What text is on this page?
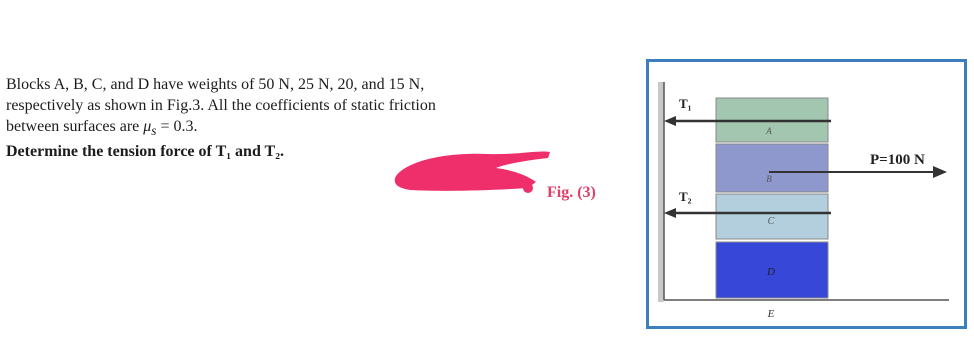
Blocks A, B, C, and D have weights of 50 N, 25 N, 20, and 15 N,

respectively as shown in Fig.3. All the coefficients of static friction

between surfaces are $\mu_s = 0.3$.

Determine the tension force of T₁ and T₂.

Fig. (3)
T₁
T₂
P=100 N
A
B
C
D
E
